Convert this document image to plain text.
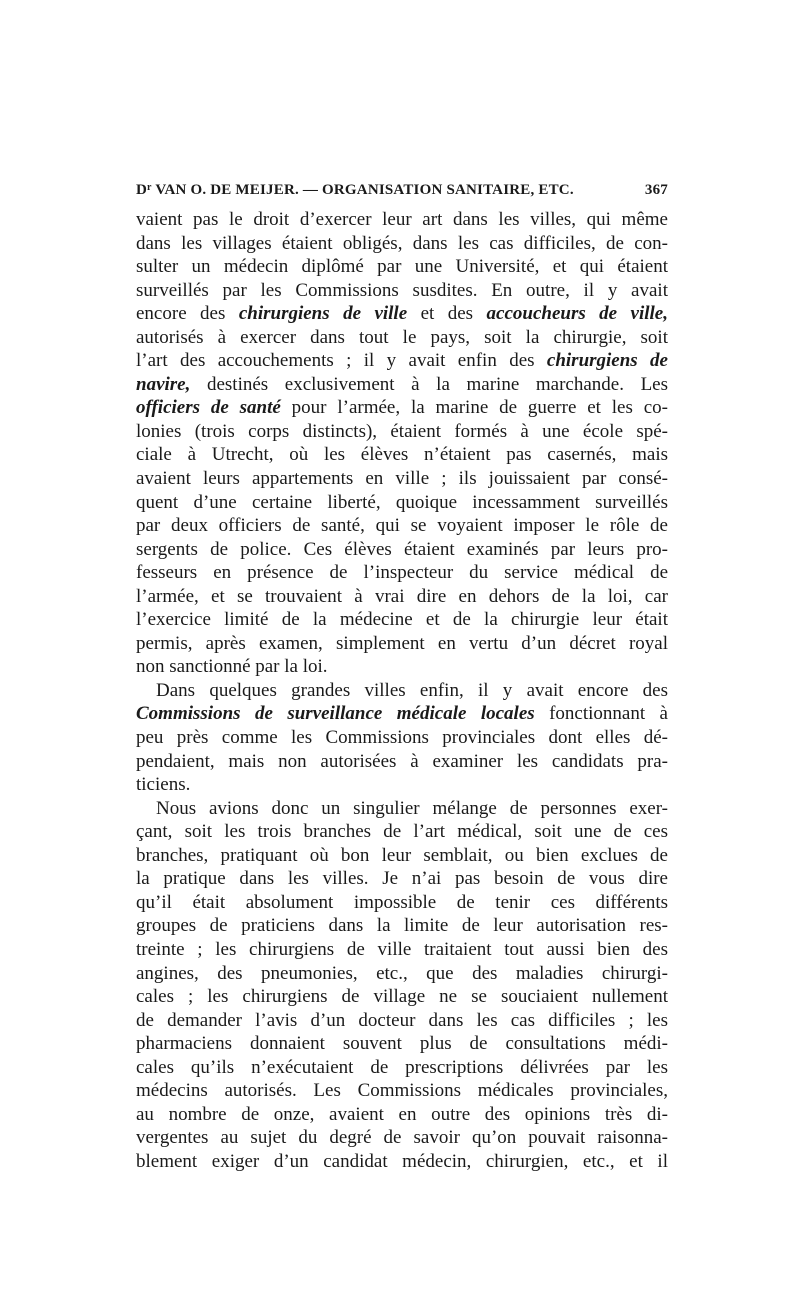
$D^r$ VAN O. DE MEIJER. — ORGANISATION SANITAIRE, ETC.	367
vaient pas le droit d’exercer leur art dans les villes, qui même
dans les villages étaient obligés, dans les cas difficiles, de con-
sulter un médecin diplômé par une Université, et qui étaient
surveillés par les Commissions susdites. En outre, il y avait
encore des chirurgiens de ville et des accoucheurs de ville,
autorisés à exercer dans tout le pays, soit la chirurgie, soit
l’art des accouchements ; il y avait enfin des chirurgiens de
navire, destinés exclusivement à la marine marchande. Les
officiers de santé pour l’armée, la marine de guerre et les co-
lonies (trois corps distincts), étaient formés à une école spé-
ciale à Utrecht, où les élèves n’étaient pas casernés, mais
avaient leurs appartements en ville ; ils jouissaient par consé-
quent d’une certaine liberté, quoique incessamment surveillés
par deux officiers de santé, qui se voyaient imposer le rôle de
sergents de police. Ces élèves étaient examinés par leurs pro-
fesseurs en présence de l’inspecteur du service médical de
l’armée, et se trouvaient à vrai dire en dehors de la loi, car
l’exercice limité de la médecine et de la chirurgie leur était
permis, après examen, simplement en vertu d’un décret royal
non sanctionné par la loi.
Dans quelques grandes villes enfin, il y avait encore des
Commissions de surveillance médicale locales fonctionnant à
peu près comme les Commissions provinciales dont elles dé-
pendaient, mais non autorisées à examiner les candidats pra-
ticiens.
Nous avions donc un singulier mélange de personnes exer-
çant, soit les trois branches de l’art médical, soit une de ces
branches, pratiquant où bon leur semblait, ou bien exclues de
la pratique dans les villes. Je n’ai pas besoin de vous dire
qu’il était absolument impossible de tenir ces différents
groupes de praticiens dans la limite de leur autorisation res-
treinte ; les chirurgiens de ville traitaient tout aussi bien des
angines, des pneumonies, etc., que des maladies chirurgi-
cales ; les chirurgiens de village ne se souciaient nullement
de demander l’avis d’un docteur dans les cas difficiles ; les
pharmaciens donnaient souvent plus de consultations médi-
cales qu’ils n’exécutaient de prescriptions délivrées par les
médecins autorisés. Les Commissions médicales provinciales,
au nombre de onze, avaient en outre des opinions très di-
vergentes au sujet du degré de savoir qu’on pouvait raisonna-
blement exiger d’un candidat médecin, chirurgien, etc., et il
